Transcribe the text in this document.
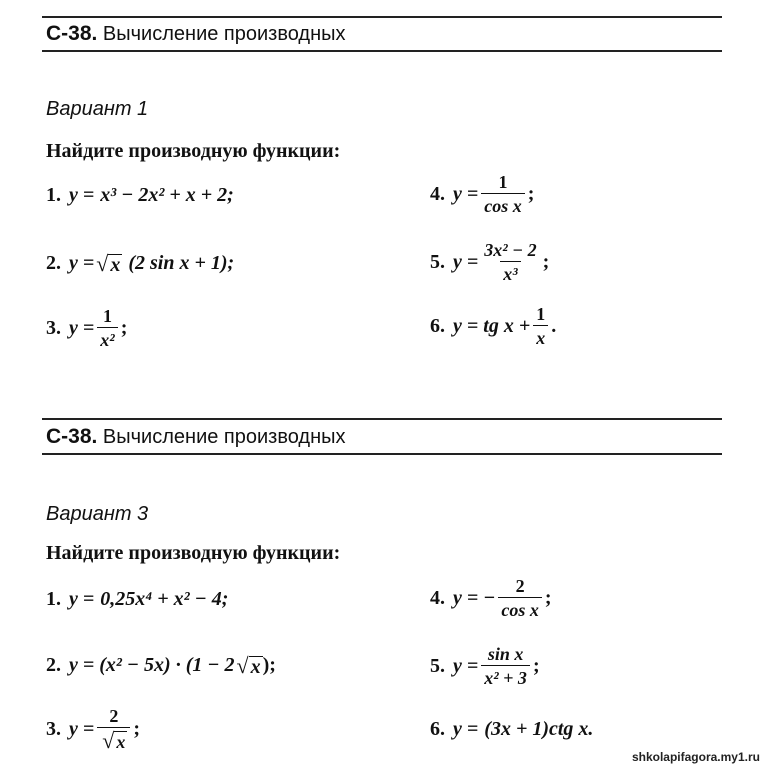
С-38. Вычисление производных
Вариант 1
Найдите производную функции:
1. y = x³ − 2x² + x + 2;
2. y = √ x (2 sin x + 1);
3. $y = \frac{1}{\text{x²}}$ ;
4. $y = \frac{1}{\text{cos x}}$ ;
5. $y = \frac{\text{3x² − 2}}{\text{x³}}$ ;
6. y = tg $x + \frac{1}{x}$ .
С-38. Вычисление производных
Вариант 3
Найдите производную функции:
1. y = 0,25x⁴ + x² − 4;
2. y = (x² − 5x) · (1 − 2 √ x );
3. $y = \frac{2}{√ x}$ ;
4. y = − $\frac{2}{\text{cos x}}$ ;
5. $y = \frac{\text{sin x}}{\text{x² + 3}}$ ;
6. y = (3x + 1)ctg x.
shkolapifagora.my1.ru
